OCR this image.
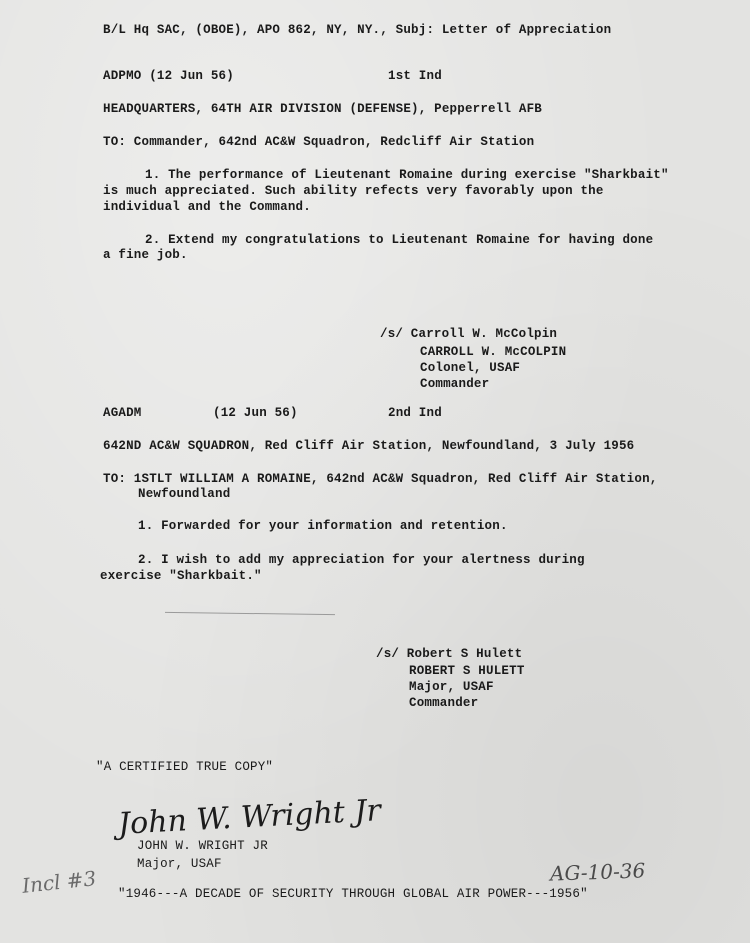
B/L Hq SAC, (OBOE), APO 862, NY, NY., Subj: Letter of Appreciation
ADPMO (12 Jun 56)	1st Ind
HEADQUARTERS, 64TH AIR DIVISION (DEFENSE), Pepperrell AFB
TO: Commander, 642nd AC&W Squadron, Redcliff Air Station
1. The performance of Lieutenant Romaine during exercise "Sharkbait"
is much appreciated. Such ability refects very favorably upon the
individual and the Command.
2. Extend my congratulations to Lieutenant Romaine for having done
a fine job.
/s/ Carroll W. McColpin
CARROLL W. McCOLPIN
Colonel, USAF
Commander
AGADM	(12 Jun 56)	2nd Ind
642ND AC&W SQUADRON, Red Cliff Air Station, Newfoundland, 3 July 1956
TO: 1STLT WILLIAM A ROMAINE, 642nd AC&W Squadron, Red Cliff Air Station,
Newfoundland
1. Forwarded for your information and retention.
2. I wish to add my appreciation for your alertness during
exercise "Sharkbait."
/s/ Robert S Hulett
ROBERT S HULETT
Major, USAF
Commander
"A CERTIFIED TRUE COPY"
John W. Wright Jr
JOHN W. WRIGHT JR
Major, USAF
Incl #3	AG-10-36
"1946---A DECADE OF SECURITY THROUGH GLOBAL AIR POWER---1956"
